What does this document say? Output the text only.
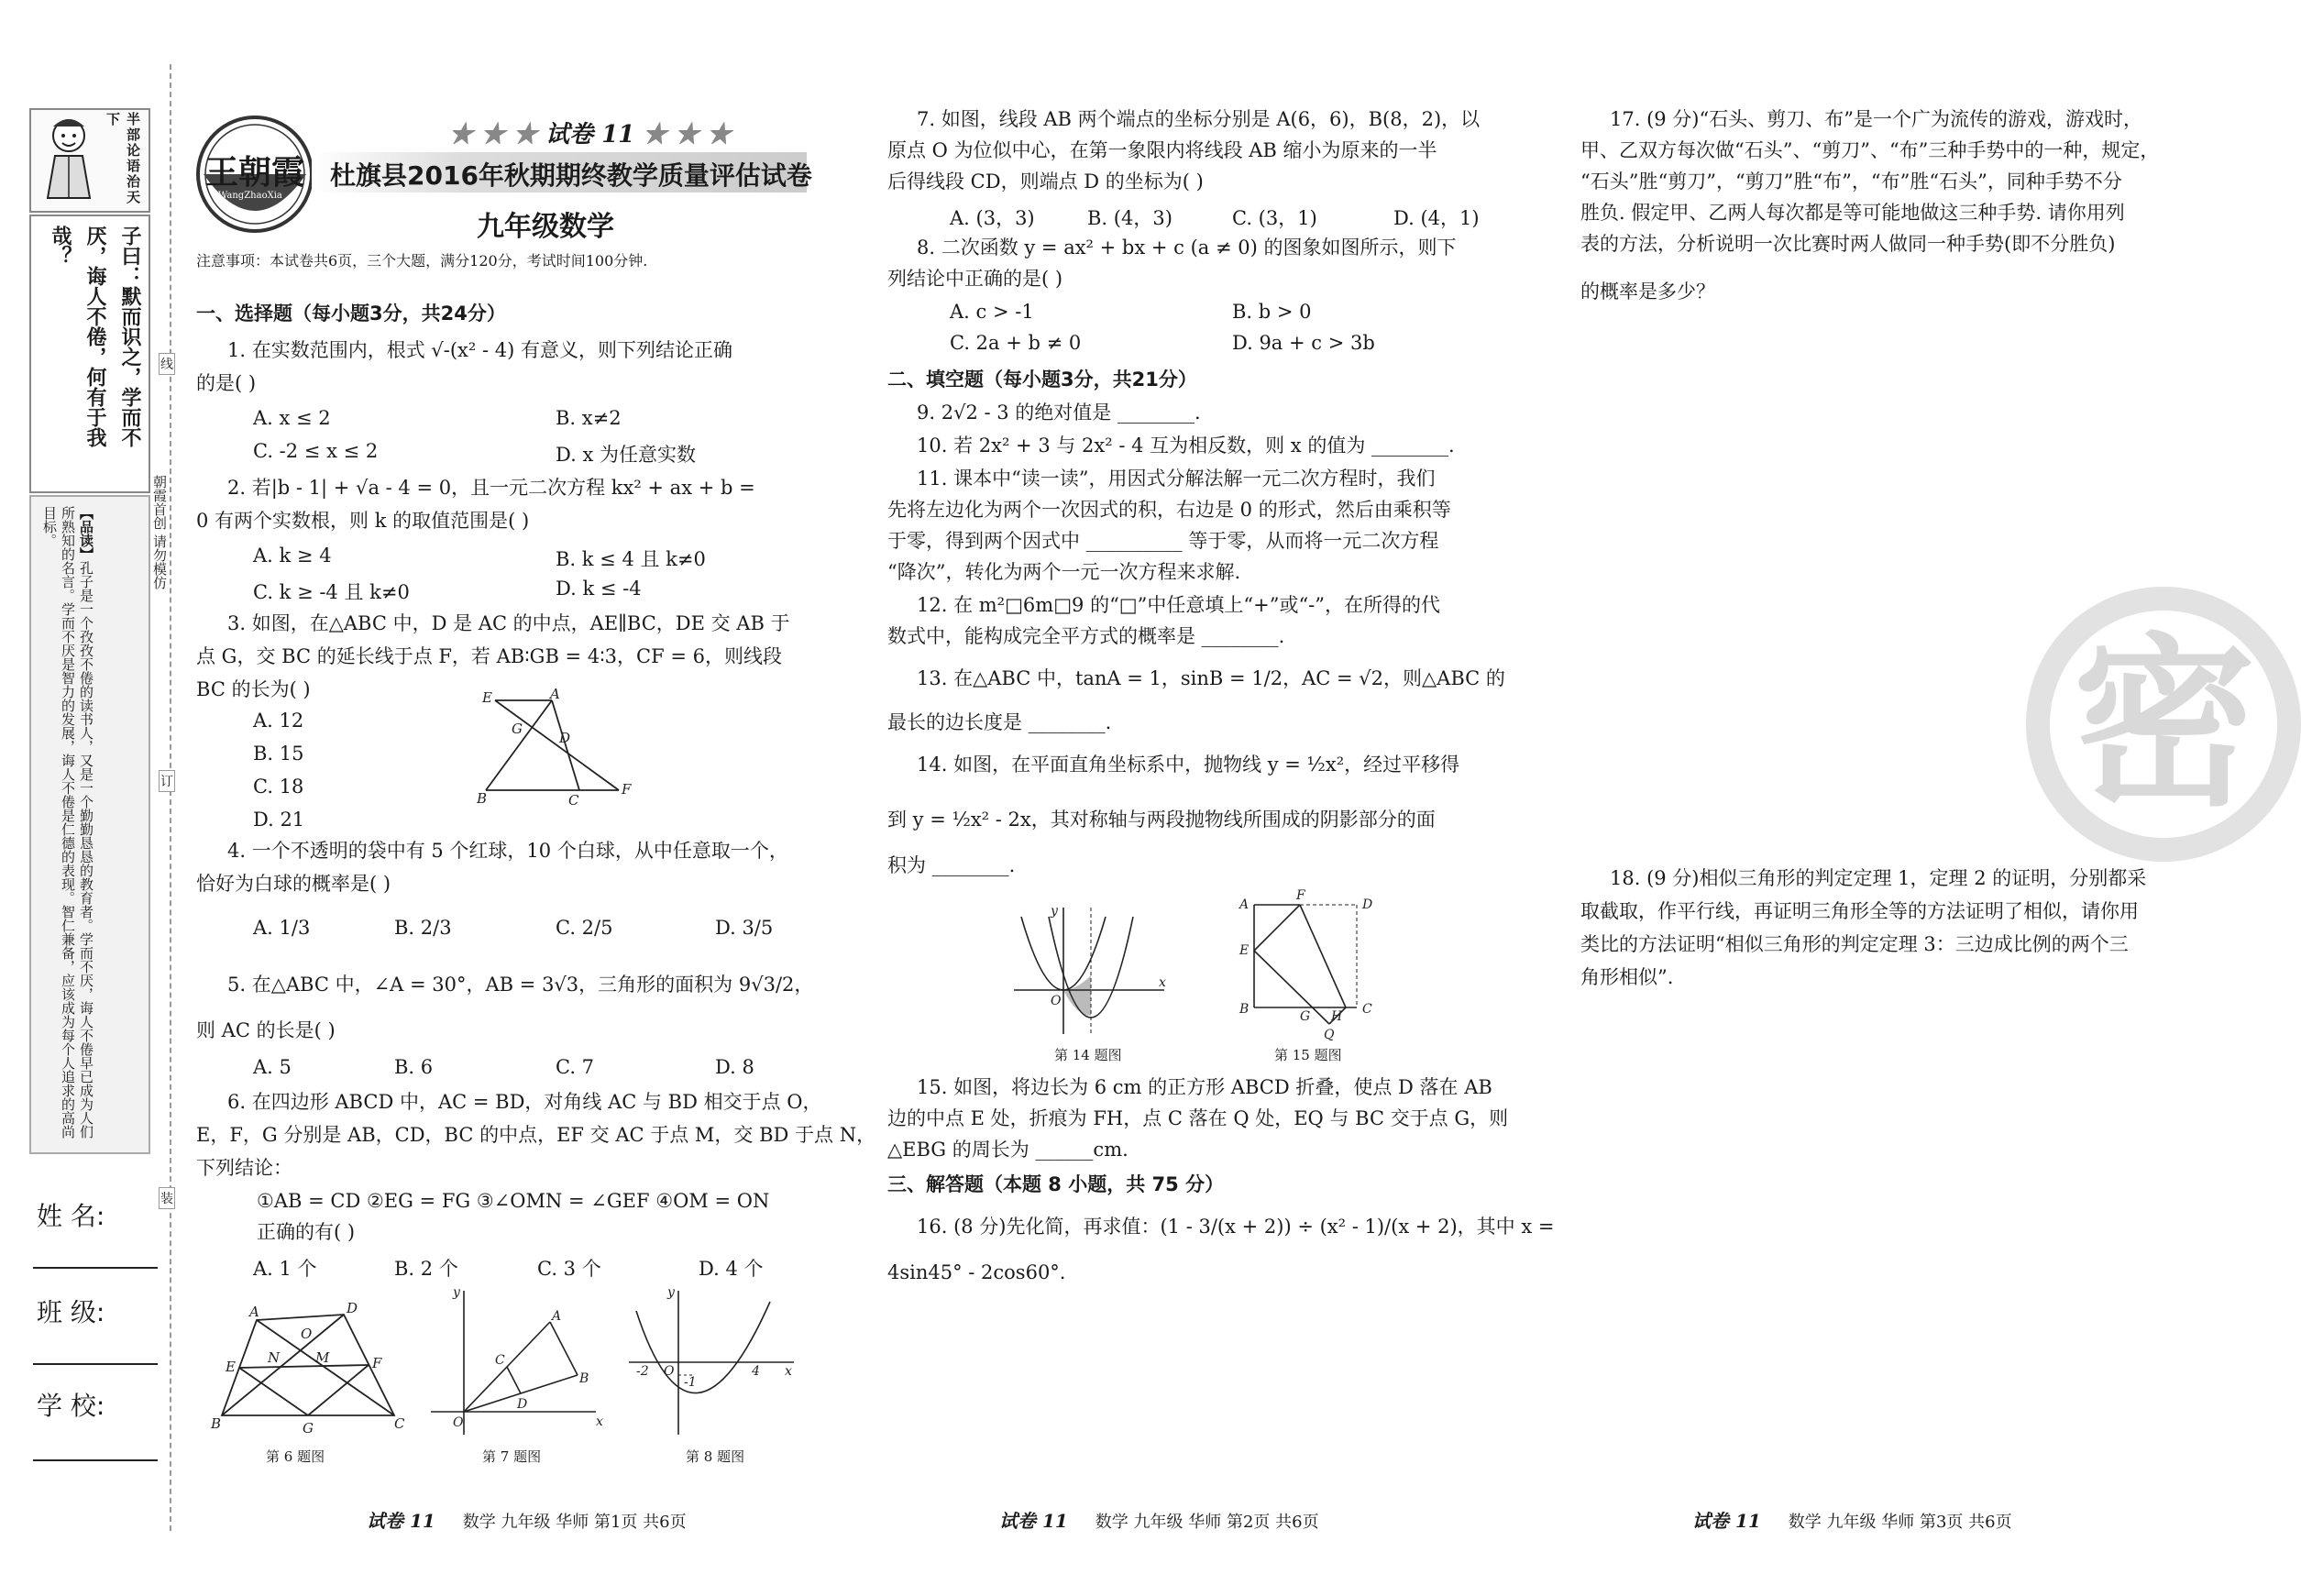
半部论语治天下
子曰：默而识之，学而不厌，诲人不倦，何有于我哉？
【品读】孔子是一个孜孜不倦的读书人，又是一个勤勤恳恳的教育者。学而不厌，诲人不倦早已成为人们所熟知的名言。学而不厌是智力的发展，诲人不倦是仁德的表现。智仁兼备，应该成为每个人追求的高尚目标。
姓 名:
班 级:
学 校:
线
订
装
朝霞首创 请勿模仿
王朝霞
WangZhaoXia
★ ★ ★ 试卷 11 ★ ★ ★
杜旗县2016年秋期期终教学质量评估试卷
九年级数学
注意事项：本试卷共6页，三个大题，满分120分，考试时间100分钟.
一、选择题（每小题3分，共24分）
1. 在实数范围内，根式 √-(x² - 4) 有意义，则下列结论正确
的是( )
A. x ≤ 2	B. x≠2
C. -2 ≤ x ≤ 2	D. x 为任意实数
2. 若|b - 1| + √a - 4 = 0，且一元二次方程 kx² + ax + b =
0 有两个实数根，则 k 的取值范围是( )
A. k ≥ 4	B. k ≤ 4 且 k≠0
C. k ≥ -4 且 k≠0	D. k ≤ -4
3. 如图，在△ABC 中，D 是 AC 的中点，AE∥BC，DE 交 AB 于
点 G，交 BC 的延长线于点 F，若 AB∶GB = 4∶3，CF = 6，则线段
BC 的长为( )
A. 12
B. 15
C. 18
D. 21
E	A
G
D
B	C
F
4. 一个不透明的袋中有 5 个红球，10 个白球，从中任意取一个，
恰好为白球的概率是( )
A. 1/3	B. 2/3	C. 2/5	D. 3/5
5. 在△ABC 中，∠A = 30°，AB = 3√3，三角形的面积为 9√3/2，
则 AC 的长是( )
A. 5	B. 6	C. 7	D. 8
6. 在四边形 ABCD 中，AC = BD，对角线 AC 与 BD 相交于点 O，
E，F，G 分别是 AB，CD，BC 的中点，EF 交 AC 于点 M，交 BD 于点 N，
下列结论：
①AB = CD ②EG = FG ③∠OMN = ∠GEF ④OM = ON
正确的有( )
A. 1 个	B. 2 个	C. 3 个	D. 4 个
A	D
B	C
O
E	F
N	M
G
y
x
O
A
B
C
D
y
x
O
-2	4
-1
第 6 题图	第 7 题图	第 8 题图
试卷 11 数学 九年级 华师 第1页 共6页
7. 如图，线段 AB 两个端点的坐标分别是 A(6，6)，B(8，2)，以
原点 O 为位似中心，在第一象限内将线段 AB 缩小为原来的一半
后得线段 CD，则端点 D 的坐标为( )
A. (3，3)	B. (4，3)	C. (3，1)	D. (4，1)
8. 二次函数 y = ax² + bx + c (a ≠ 0) 的图象如图所示，则下
列结论中正确的是( )
A. c > -1	B. b > 0
C. 2a + b ≠ 0	D. 9a + c > 3b
二、填空题（每小题3分，共21分）
9. 2√2 - 3 的绝对值是 ________.
10. 若 2x² + 3 与 2x² - 4 互为相反数，则 x 的值为 ________.
11. 课本中“读一读”，用因式分解法解一元二次方程时，我们
先将左边化为两个一次因式的积，右边是 0 的形式，然后由乘积等
于零，得到两个因式中 __________ 等于零，从而将一元二次方程
“降次”，转化为两个一元一次方程来求解.
12. 在 m²□6m□9 的“□”中任意填上“+”或“-”，在所得的代
数式中，能构成完全平方式的概率是 ________.
13. 在△ABC 中，tanA = 1，sinB = 1/2，AC = √2，则△ABC 的
最长的边长度是 ________.
14. 如图，在平面直角坐标系中，抛物线 y = ½x²，经过平移得
到 y = ½x² - 2x，其对称轴与两段抛物线所围成的阴影部分的面
积为 ________.
y
x
O
A
F
D
E
B	C
G H
Q
第 14 题图	第 15 题图
15. 如图，将边长为 6 cm 的正方形 ABCD 折叠，使点 D 落在 AB
边的中点 E 处，折痕为 FH，点 C 落在 Q 处，EQ 与 BC 交于点 G，则
△EBG 的周长为 ______cm.
三、解答题（本题 8 小题，共 75 分）
16. (8 分)先化简，再求值：(1 - 3/(x + 2)) ÷ (x² - 1)/(x + 2)，其中 x =
4sin45° - 2cos60°.
试卷 11 数学 九年级 华师 第2页 共6页
17. (9 分)“石头、剪刀、布”是一个广为流传的游戏，游戏时，
甲、乙双方每次做“石头”、“剪刀”、“布”三种手势中的一种，规定，
“石头”胜“剪刀”，“剪刀”胜“布”，“布”胜“石头”，同种手势不分
胜负. 假定甲、乙两人每次都是等可能地做这三种手势. 请你用列
表的方法，分析说明一次比赛时两人做同一种手势(即不分胜负)
的概率是多少？
密
18. (9 分)相似三角形的判定定理 1，定理 2 的证明，分别都采
取截取，作平行线，再证明三角形全等的方法证明了相似，请你用
类比的方法证明“相似三角形的判定定理 3：三边成比例的两个三
角形相似”.
试卷 11 数学 九年级 华师 第3页 共6页
